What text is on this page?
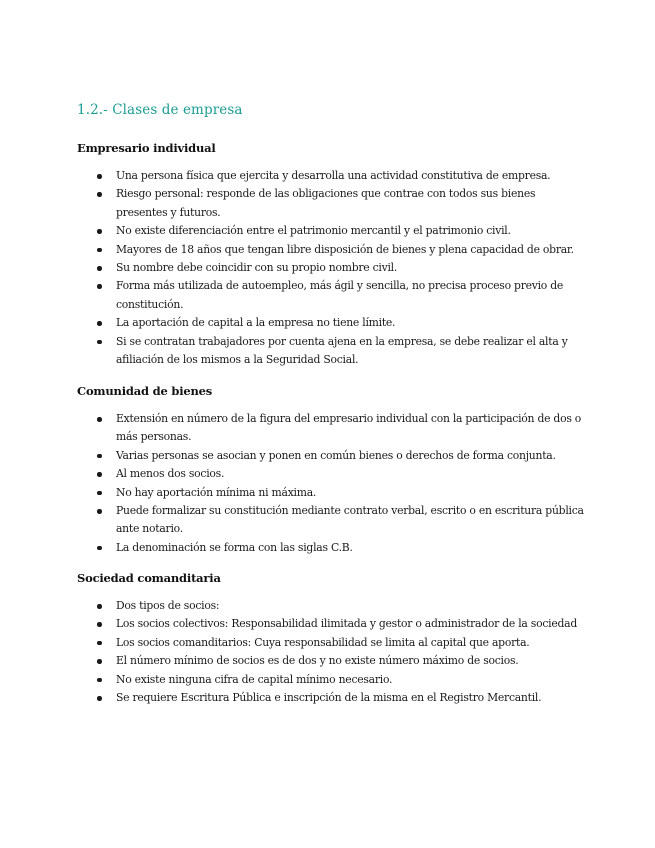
1.2.- Clases de empresa
Empresario individual
Una persona física que ejercita y desarrolla una actividad constitutiva de empresa.
Riesgo personal: responde de las obligaciones que contrae con todos sus bienes presentes y futuros.
No existe diferenciación entre el patrimonio mercantil y el patrimonio civil.
Mayores de 18 años que tengan libre disposición de bienes y plena capacidad de obrar.
Su nombre debe coincidir con su propio nombre civil.
Forma más utilizada de autoempleo, más ágil y sencilla, no precisa proceso previo de constitución.
La aportación de capital a la empresa no tiene límite.
Si se contratan trabajadores por cuenta ajena en la empresa, se debe realizar el alta y afiliación de los mismos a la Seguridad Social.
Comunidad de bienes
Extensión en número de la figura del empresario individual con la participación de dos o más personas.
Varias personas se asocian y ponen en común bienes o derechos de forma conjunta.
Al menos dos socios.
No hay aportación mínima ni máxima.
Puede formalizar su constitución mediante contrato verbal, escrito o en escritura pública ante notario.
La denominación se forma con las siglas C.B.
Sociedad comanditaria
Dos tipos de socios:
Los socios colectivos: Responsabilidad ilimitada y gestor o administrador de la sociedad
Los socios comanditarios: Cuya responsabilidad se limita al capital que aporta.
El número mínimo de socios es de dos y no existe número máximo de socios.
No existe ninguna cifra de capital mínimo necesario.
Se requiere Escritura Pública e inscripción de la misma en el Registro Mercantil.
